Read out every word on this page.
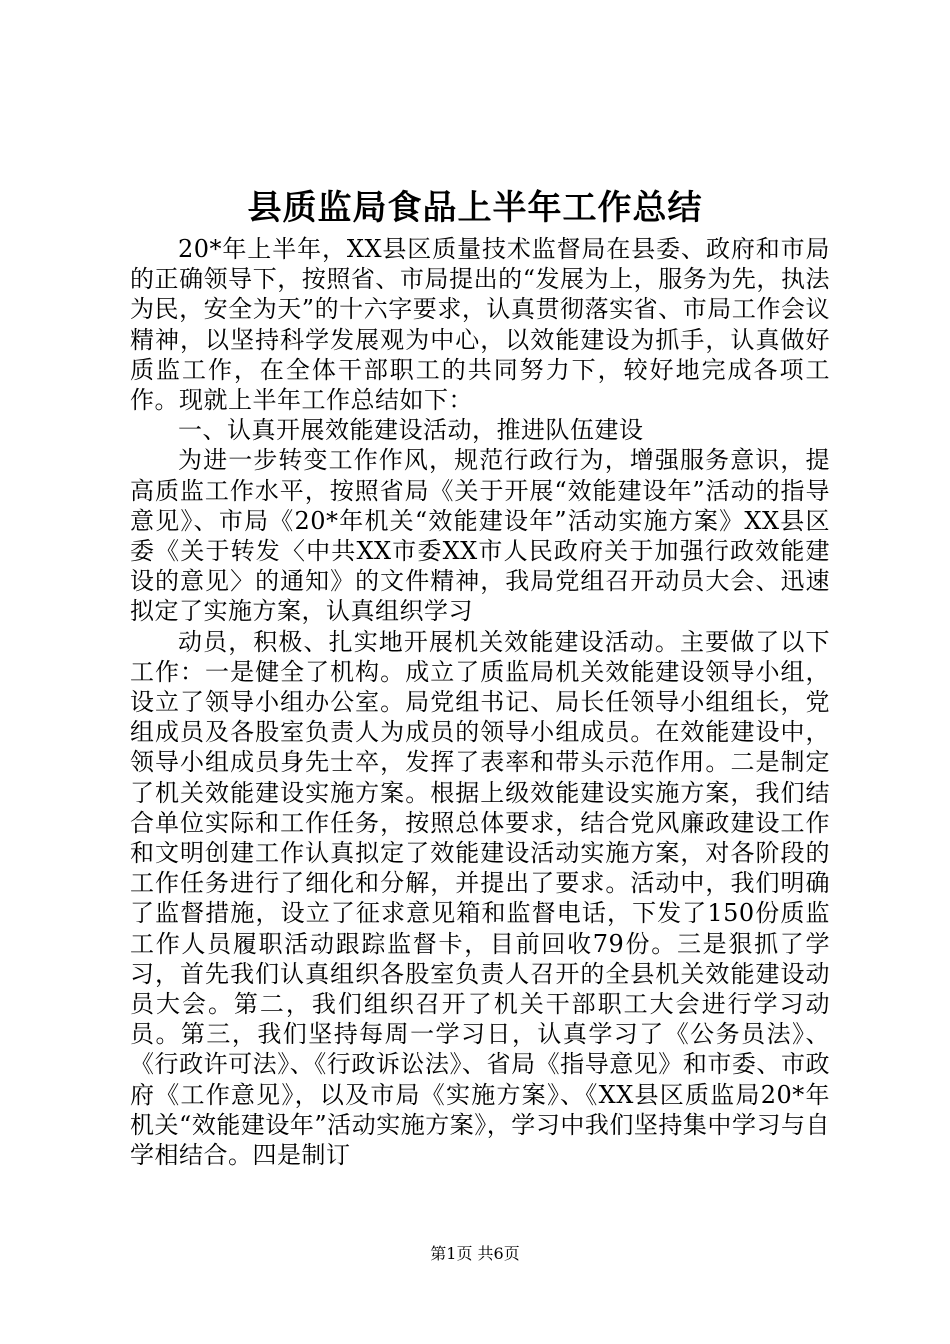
县质监局食品上半年工作总结

20*年上半年，XX县区质量技术监督局在县委、政府和市局的正确领导下，按照省、市局提出的“发展为上，服务为先，执法为民，安全为天”的十六字要求，认真贯彻落实省、市局工作会议精神，以坚持科学发展观为中心，以效能建设为抓手，认真做好质监工作，在全体干部职工的共同努力下，较好地完成各项工作。现就上半年工作总结如下：

一、认真开展效能建设活动，推进队伍建设

为进一步转变工作作风，规范行政行为，增强服务意识，提高质监工作水平，按照省局《关于开展“效能建设年”活动的指导意见》、市局《20*年机关“效能建设年”活动实施方案》XX县区委《关于转发〈中共XX市委XX市人民政府关于加强行政效能建设的意见〉的通知》的文件精神，我局党组召开动员大会、迅速拟定了实施方案，认真组织学习

动员，积极、扎实地开展机关效能建设活动。主要做了以下工作：一是健全了机构。成立了质监局机关效能建设领导小组，设立了领导小组办公室。局党组书记、局长任领导小组组长，党组成员及各股室负责人为成员的领导小组成员。在效能建设中，领导小组成员身先士卒，发挥了表率和带头示范作用。二是制定了机关效能建设实施方案。根据上级效能建设实施方案，我们结合单位实际和工作任务，按照总体要求，结合党风廉政建设工作和文明创建工作认真拟定了效能建设活动实施方案，对各阶段的工作任务进行了细化和分解，并提出了要求。活动中，我们明确了监督措施，设立了征求意见箱和监督电话，下发了150份质监工作人员履职活动跟踪监督卡，目前回收79份。三是狠抓了学习，首先我们认真组织各股室负责人召开的全县机关效能建设动员大会。第二，我们组织召开了机关干部职工大会进行学习动员。第三，我们坚持每周一学习日，认真学习了《公务员法》、《行政许可法》、《行政诉讼法》、省局《指导意见》和市委、市政府《工作意见》，以及市局《实施方案》、《XX县区质监局20*年机关“效能建设年”活动实施方案》，学习中我们坚持集中学习与自学相结合。四是制订

第1页 共6页
